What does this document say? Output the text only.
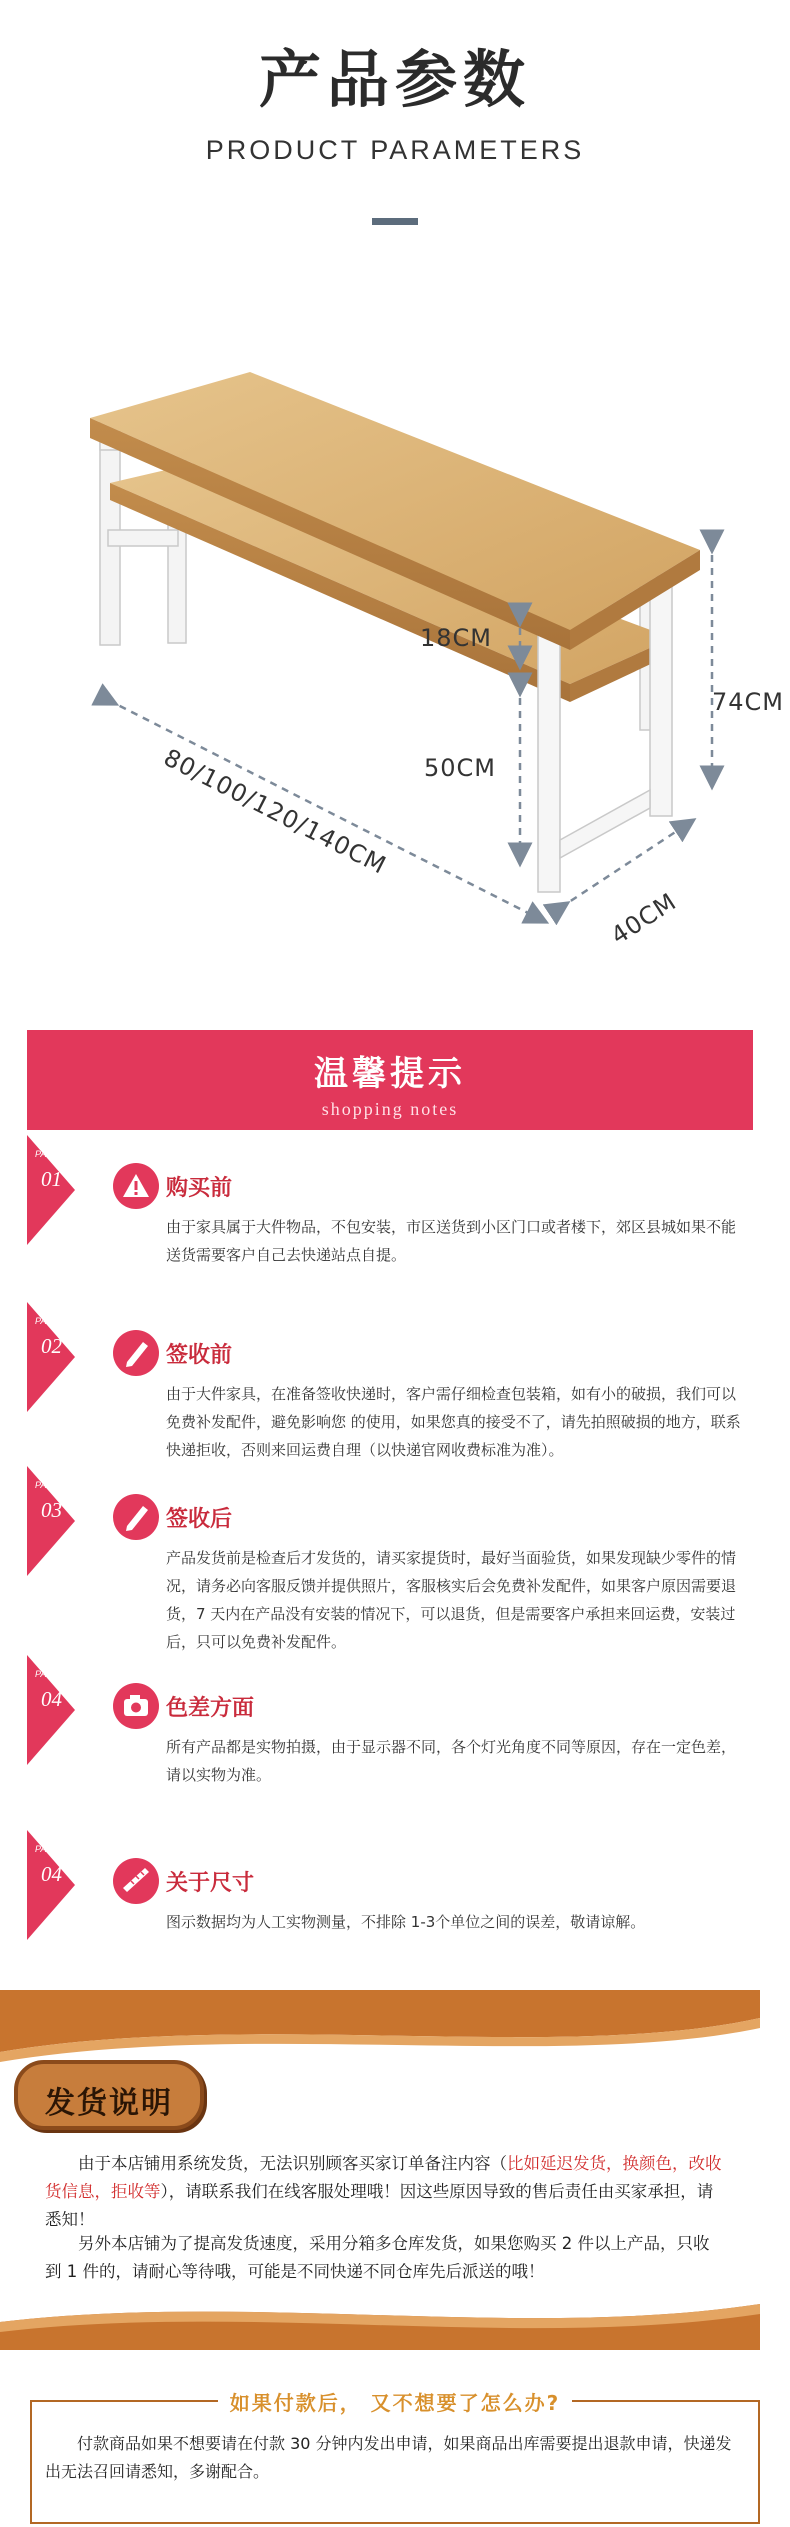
产品参数
PRODUCT PARAMETERS
80/100/120/140CM
40CM
74CM
50CM
18CM
温馨提示
shopping notes
PART
01	购买前
由于家具属于大件物品，不包安装，市区送货到小区门口或者楼下，郊区县城如果不能送货需要客户自己去快递站点自提。
PART
02	签收前
由于大件家具，在准备签收快递时，客户需仔细检查包装箱，如有小的破损，我们可以免费补发配件，避免影响您 的使用，如果您真的接受不了，请先拍照破损的地方，联系快递拒收，否则来回运费自理（以快递官网收费标准为准）。
PART
03	签收后
产品发货前是检查后才发货的，请买家提货时，最好当面验货，如果发现缺少零件的情况，请务必向客服反馈并提供照片，客服核实后会免费补发配件，如果客户原因需要退货，7 天内在产品没有安装的情况下，可以退货，但是需要客户承担来回运费，安装过后，只可以免费补发配件。
PART
04	色差方面
所有产品都是实物拍摄，由于显示器不同，各个灯光角度不同等原因，存在一定色差，请以实物为准。
PART
04	关于尺寸
图示数据均为人工实物测量，不排除 1-3个单位之间的误差，敬请谅解。
发货说明
由于本店铺用系统发货，无法识别顾客买家订单备注内容（比如延迟发货，换颜色，改收货信息，拒收等），请联系我们在线客服处理哦！因这些原因导致的售后责任由买家承担，请悉知！
另外本店铺为了提高发货速度，采用分箱多仓库发货，如果您购买 2 件以上产品，只收到 1 件的，请耐心等待哦，可能是不同快递不同仓库先后派送的哦！
如果付款后， 又不想要了怎么办?
付款商品如果不想要请在付款 30 分钟内发出申请，如果商品出库需要提出退款申请，快递发出无法召回请悉知，多谢配合。
